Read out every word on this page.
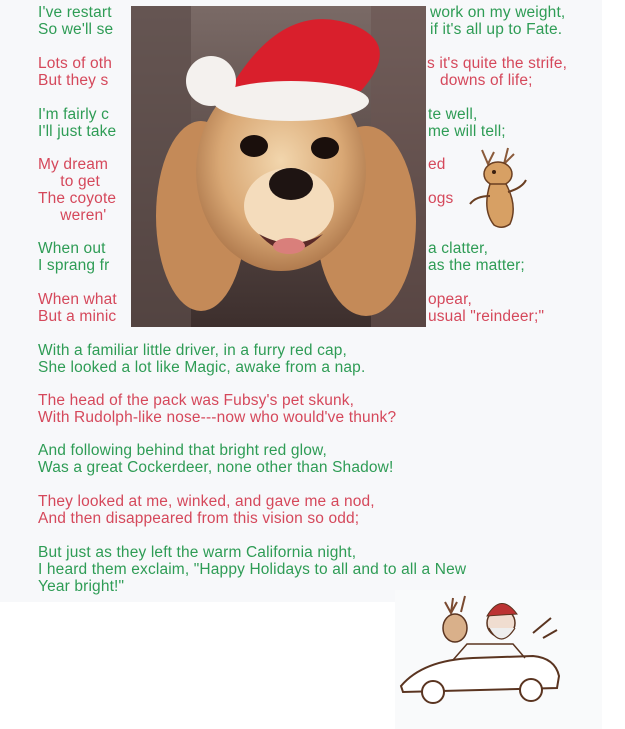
I've restart
So we'll se
Lots of oth
But they s
I'm fairly c
I'll just take
My dream
to get
The coyote
weren'
When out
I sprang fr
When what
But a minic
With a familiar little driver, in a furry red cap,
She looked a lot like Magic, awake from a nap.
The head of the pack was Fubsy's pet skunk,
With Rudolph-like nose---now who would've thunk?
And following behind that bright red glow,
Was a great Cockerdeer, none other than Shadow!
They looked at me, winked, and gave me a nod,
And then disappeared from this vision so odd;
But just as they left the warm California night,
I heard them exclaim, "Happy Holidays to all and to all a New
Year bright!"
work on my weight,
if it's all up to Fate.
s it's quite the strife,
downs of life;
te well,
me will tell;
ed
ogs
a clatter,
as the matter;
opear,
usual "reindeer;"
